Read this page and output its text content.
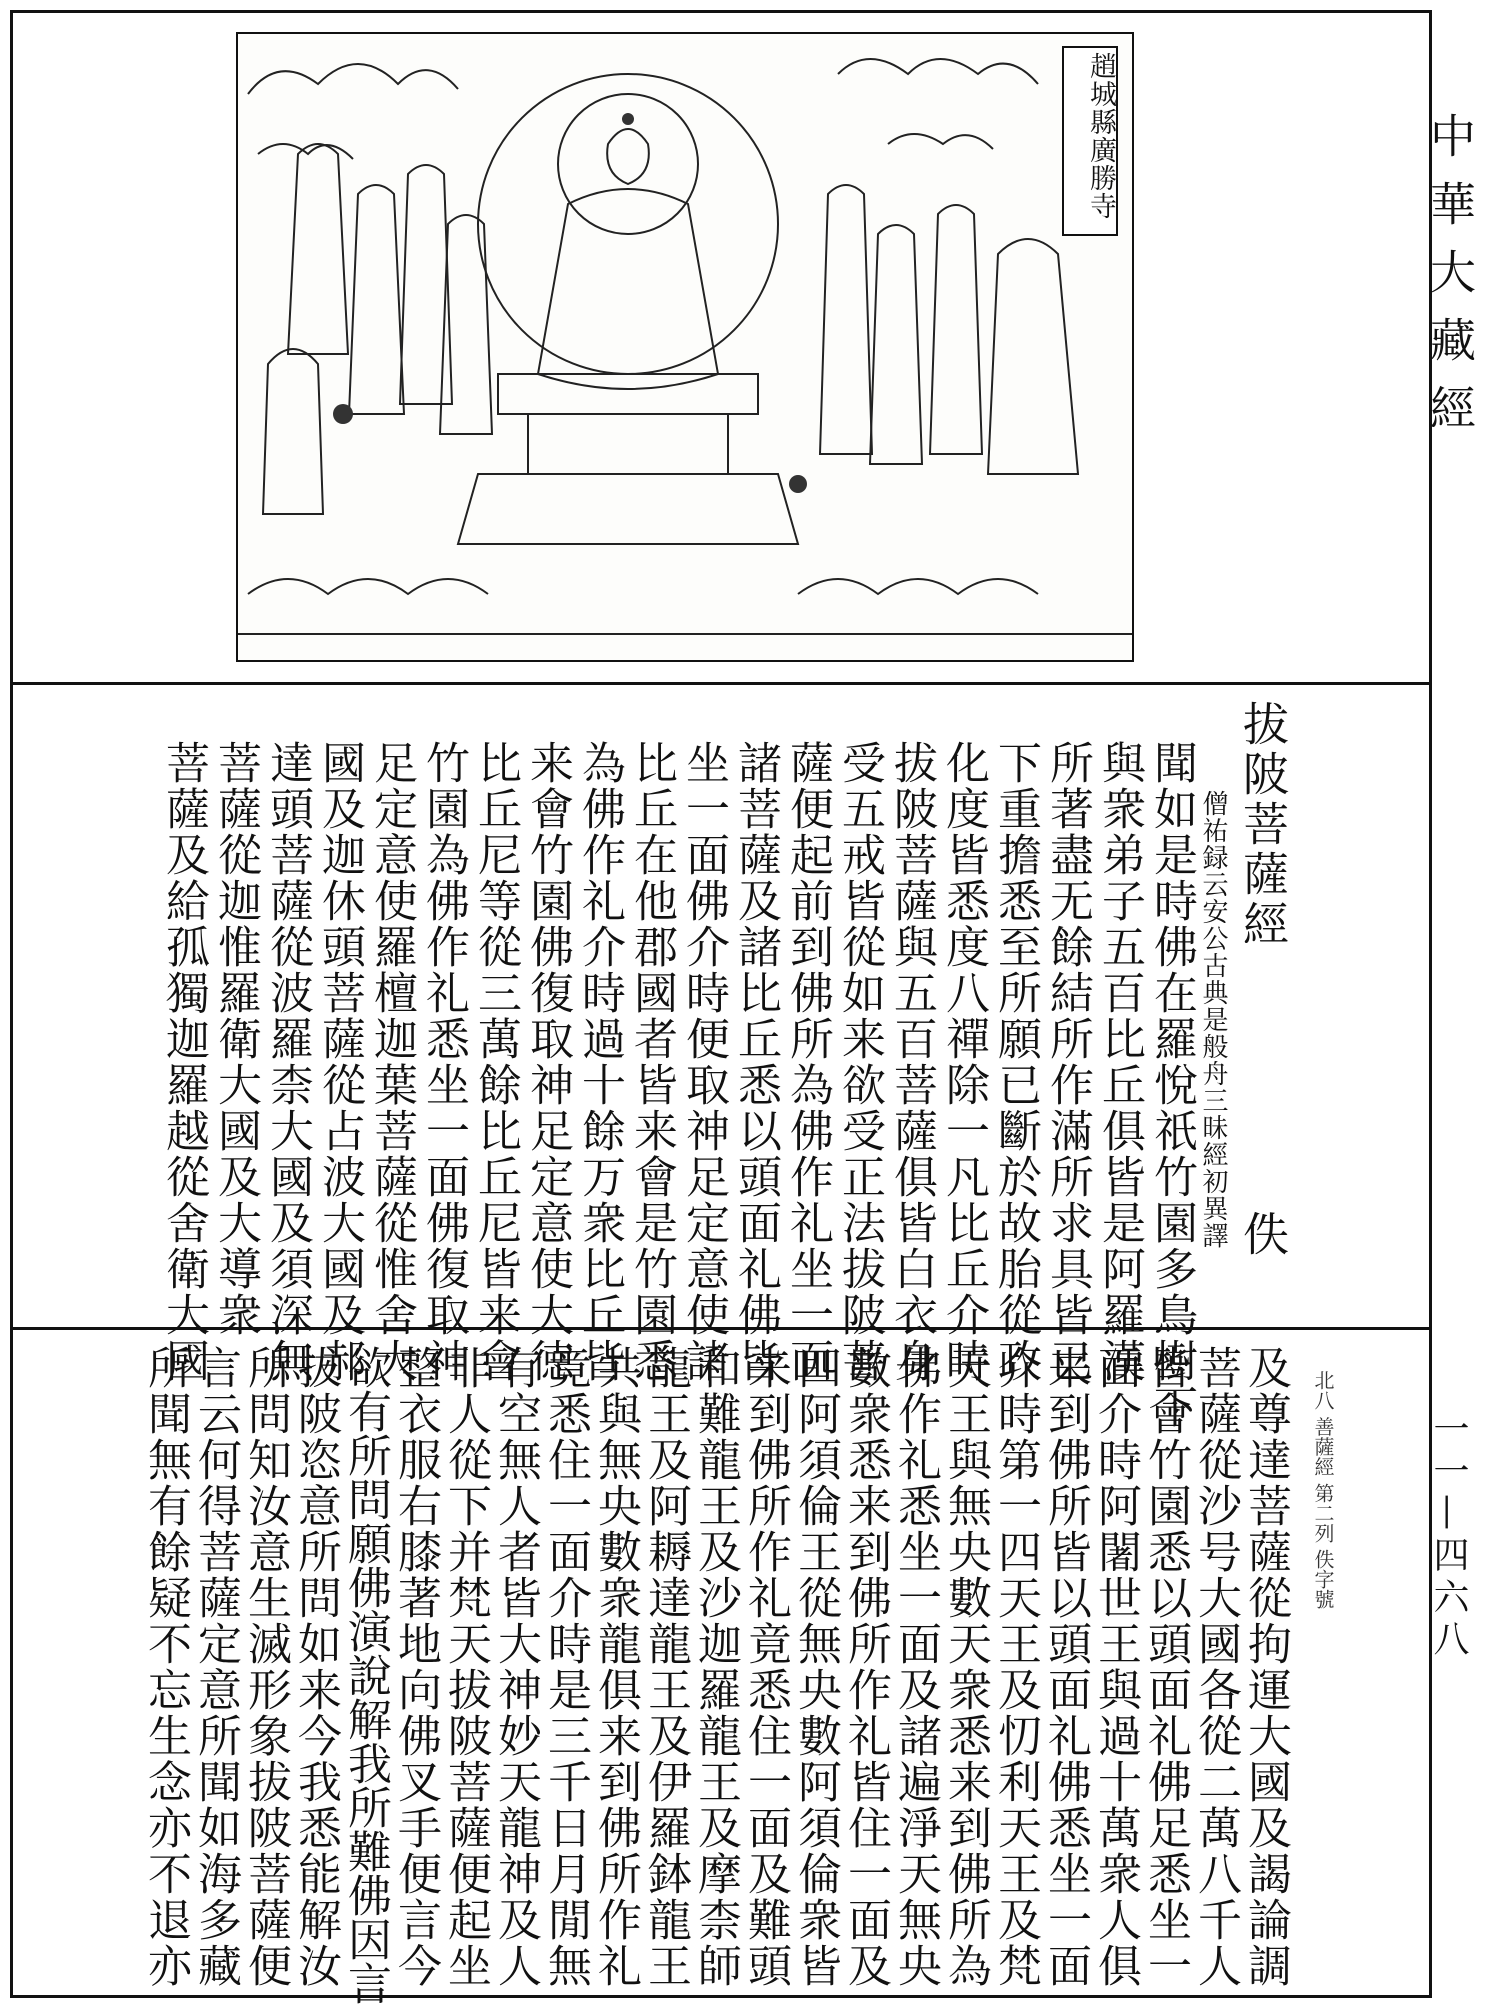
中華大藏經
一一—四六八
趙城縣廣勝寺
拔陂菩薩經
僧祐録云安公古典是般舟三昧經初異譯 佚
聞如是時佛在羅悅祇竹園多鳥樹下
與衆弟子五百比丘俱皆是阿羅漢
所著盡无餘結所作滿所求具皆已
下重擔悉至所願已斷於故胎從政
化度皆悉度八禪除一凡比丘介時
拔陂菩薩與五百菩薩俱皆白衣身
受五戒皆從如来欲受正法拔陂菩
薩便起前到佛所為佛作礼坐一面
諸菩薩及諸比丘悉以頭面礼佛皆
坐一面佛介時便取神足定意使諸
比丘在他郡國者皆来會是竹園悉
為佛作礼介時過十餘万衆比丘皆
来會竹園佛復取神足定意使大徳
比丘尼等從三萬餘比丘尼皆来會
竹園為佛作礼悉坐一面佛復取神
足定意使羅檀迦葉菩薩從惟舍大
國及迦休頭菩薩從占波大國及郝
達頭菩薩從波羅柰大國及須深無
菩薩從迦惟羅衛大國及大導衆
菩薩及給孤獨迦羅越從舍衛大國
北八 善薩經 第二列 佚字號
及尊達菩薩從拘運大國及謁論調
菩薩從沙号大國各從二萬八千人
皆會竹園悉以頭面礼佛足悉坐一
面介時阿闍世王與過十萬衆人俱
来到佛所皆以頭面礼佛悉坐一面
介時第一四天王及忉利天王及梵
天王與無央數天衆悉来到佛所為
佛作礼悉坐一面及諸遍淨天無央
數衆悉来到佛所作礼皆住一面及
四阿須倫王從無央數阿須倫衆皆
来到佛所作礼竟悉住一面及難頭
和難龍王及沙迦羅龍王及摩柰師
龍王及阿耨達龍王及伊羅鉢龍王
共與無央數衆龍俱来到佛所作礼
竟悉住一面介時是三千日月閒無
有空無人者皆大神妙天龍神及人
非人從下并梵天拔陂菩薩便起坐
整衣服右膝著地向佛叉手便言今
欲有所問願佛演說解我所難佛因言
拔陂恣意所問如来今我悉能解汝
所問知汝意生滅形象拔陂菩薩便
言云何得菩薩定意所聞如海多藏
所聞無有餘疑不忘生念亦不退亦
